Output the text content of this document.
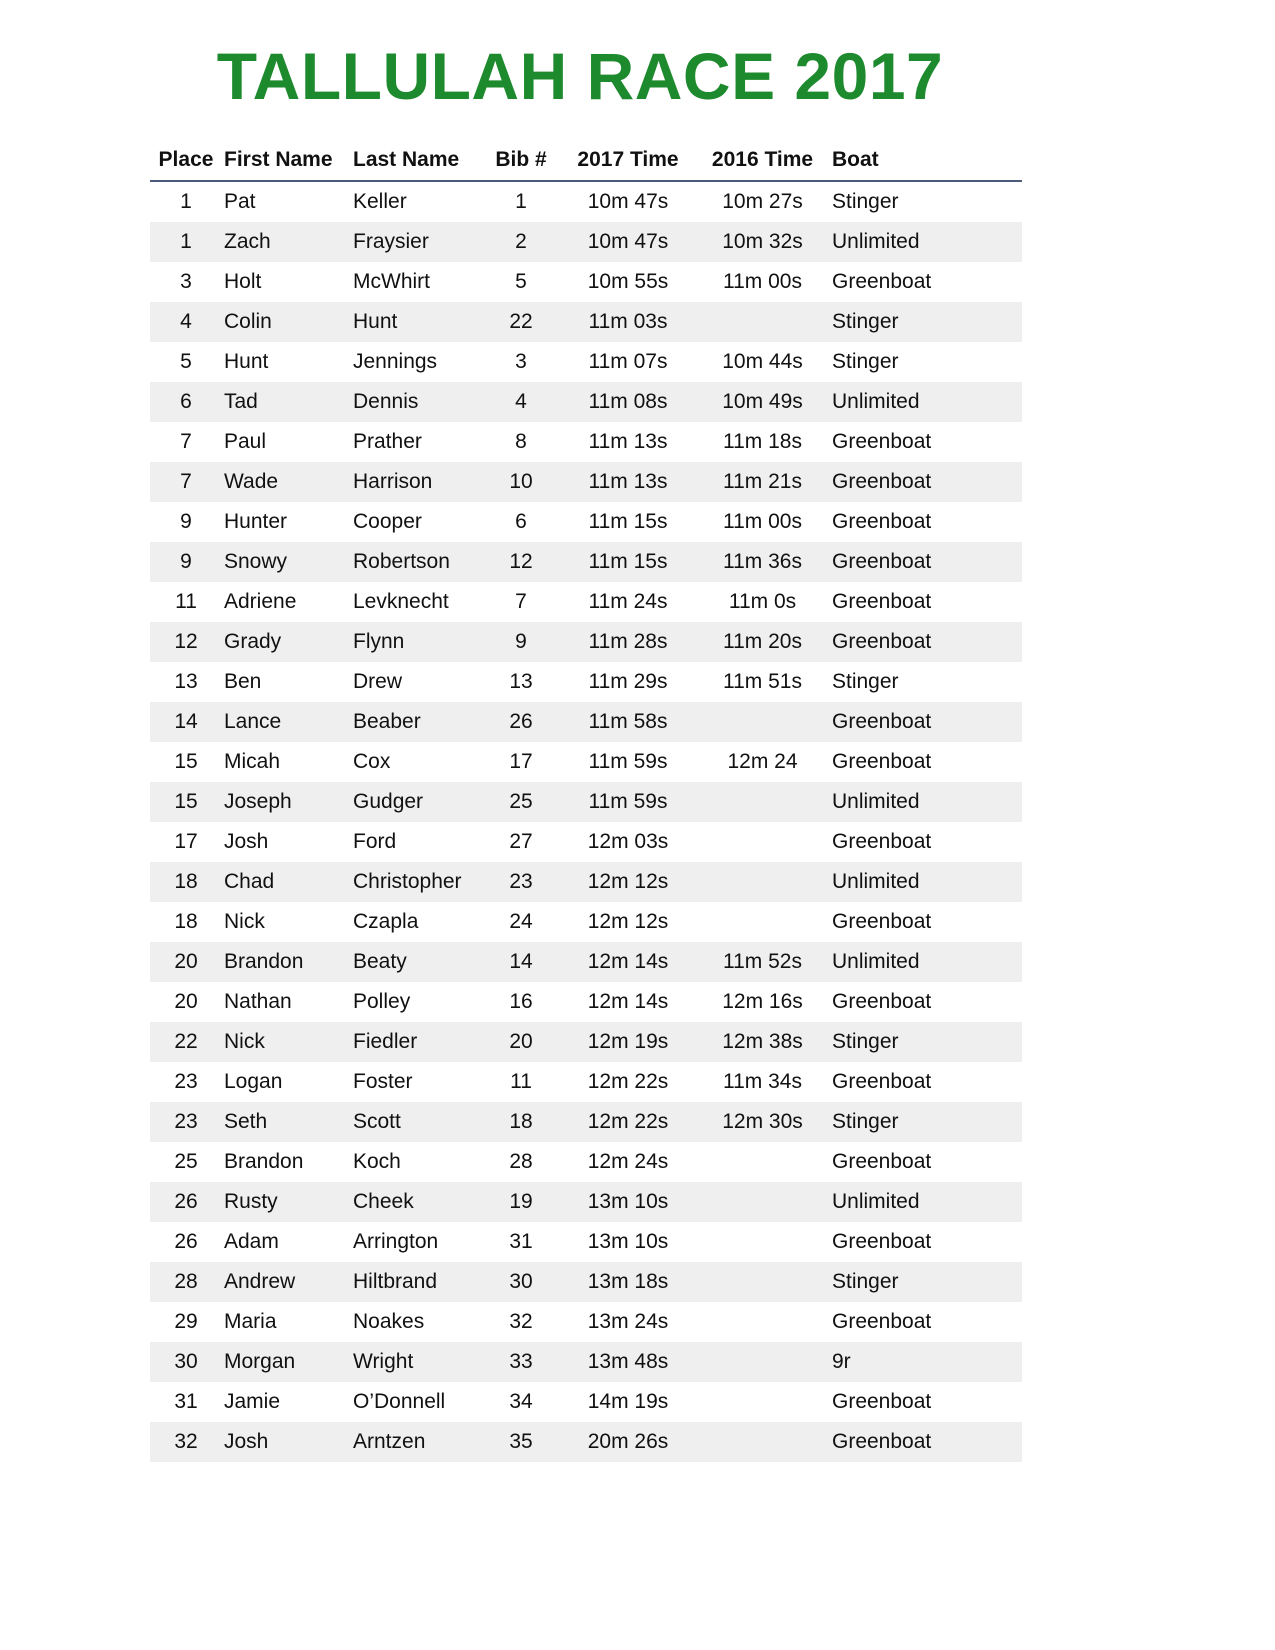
TALLULAH RACE 2017
Place	First Name	Last Name	Bib #	2017 Time	2016 Time	Boat
1	Pat	Keller	1	10m 47s	10m 27s	Stinger
1	Zach	Fraysier	2	10m 47s	10m 32s	Unlimited
3	Holt	McWhirt	5	10m 55s	11m 00s	Greenboat
4	Colin	Hunt	22	11m 03s		Stinger
5	Hunt	Jennings	3	11m 07s	10m 44s	Stinger
6	Tad	Dennis	4	11m 08s	10m 49s	Unlimited
7	Paul	Prather	8	11m 13s	11m 18s	Greenboat
7	Wade	Harrison	10	11m 13s	11m 21s	Greenboat
9	Hunter	Cooper	6	11m 15s	11m 00s	Greenboat
9	Snowy	Robertson	12	11m 15s	11m 36s	Greenboat
11	Adriene	Levknecht	7	11m 24s	11m 0s	Greenboat
12	Grady	Flynn	9	11m 28s	11m 20s	Greenboat
13	Ben	Drew	13	11m 29s	11m 51s	Stinger
14	Lance	Beaber	26	11m 58s		Greenboat
15	Micah	Cox	17	11m 59s	12m 24	Greenboat
15	Joseph	Gudger	25	11m 59s		Unlimited
17	Josh	Ford	27	12m 03s		Greenboat
18	Chad	Christopher	23	12m 12s		Unlimited
18	Nick	Czapla	24	12m 12s		Greenboat
20	Brandon	Beaty	14	12m 14s	11m 52s	Unlimited
20	Nathan	Polley	16	12m 14s	12m 16s	Greenboat
22	Nick	Fiedler	20	12m 19s	12m 38s	Stinger
23	Logan	Foster	11	12m 22s	11m 34s	Greenboat
23	Seth	Scott	18	12m 22s	12m 30s	Stinger
25	Brandon	Koch	28	12m 24s		Greenboat
26	Rusty	Cheek	19	13m 10s		Unlimited
26	Adam	Arrington	31	13m 10s		Greenboat
28	Andrew	Hiltbrand	30	13m 18s		Stinger
29	Maria	Noakes	32	13m 24s		Greenboat
30	Morgan	Wright	33	13m 48s		9r
31	Jamie	O’Donnell	34	14m 19s		Greenboat
32	Josh	Arntzen	35	20m 26s		Greenboat
